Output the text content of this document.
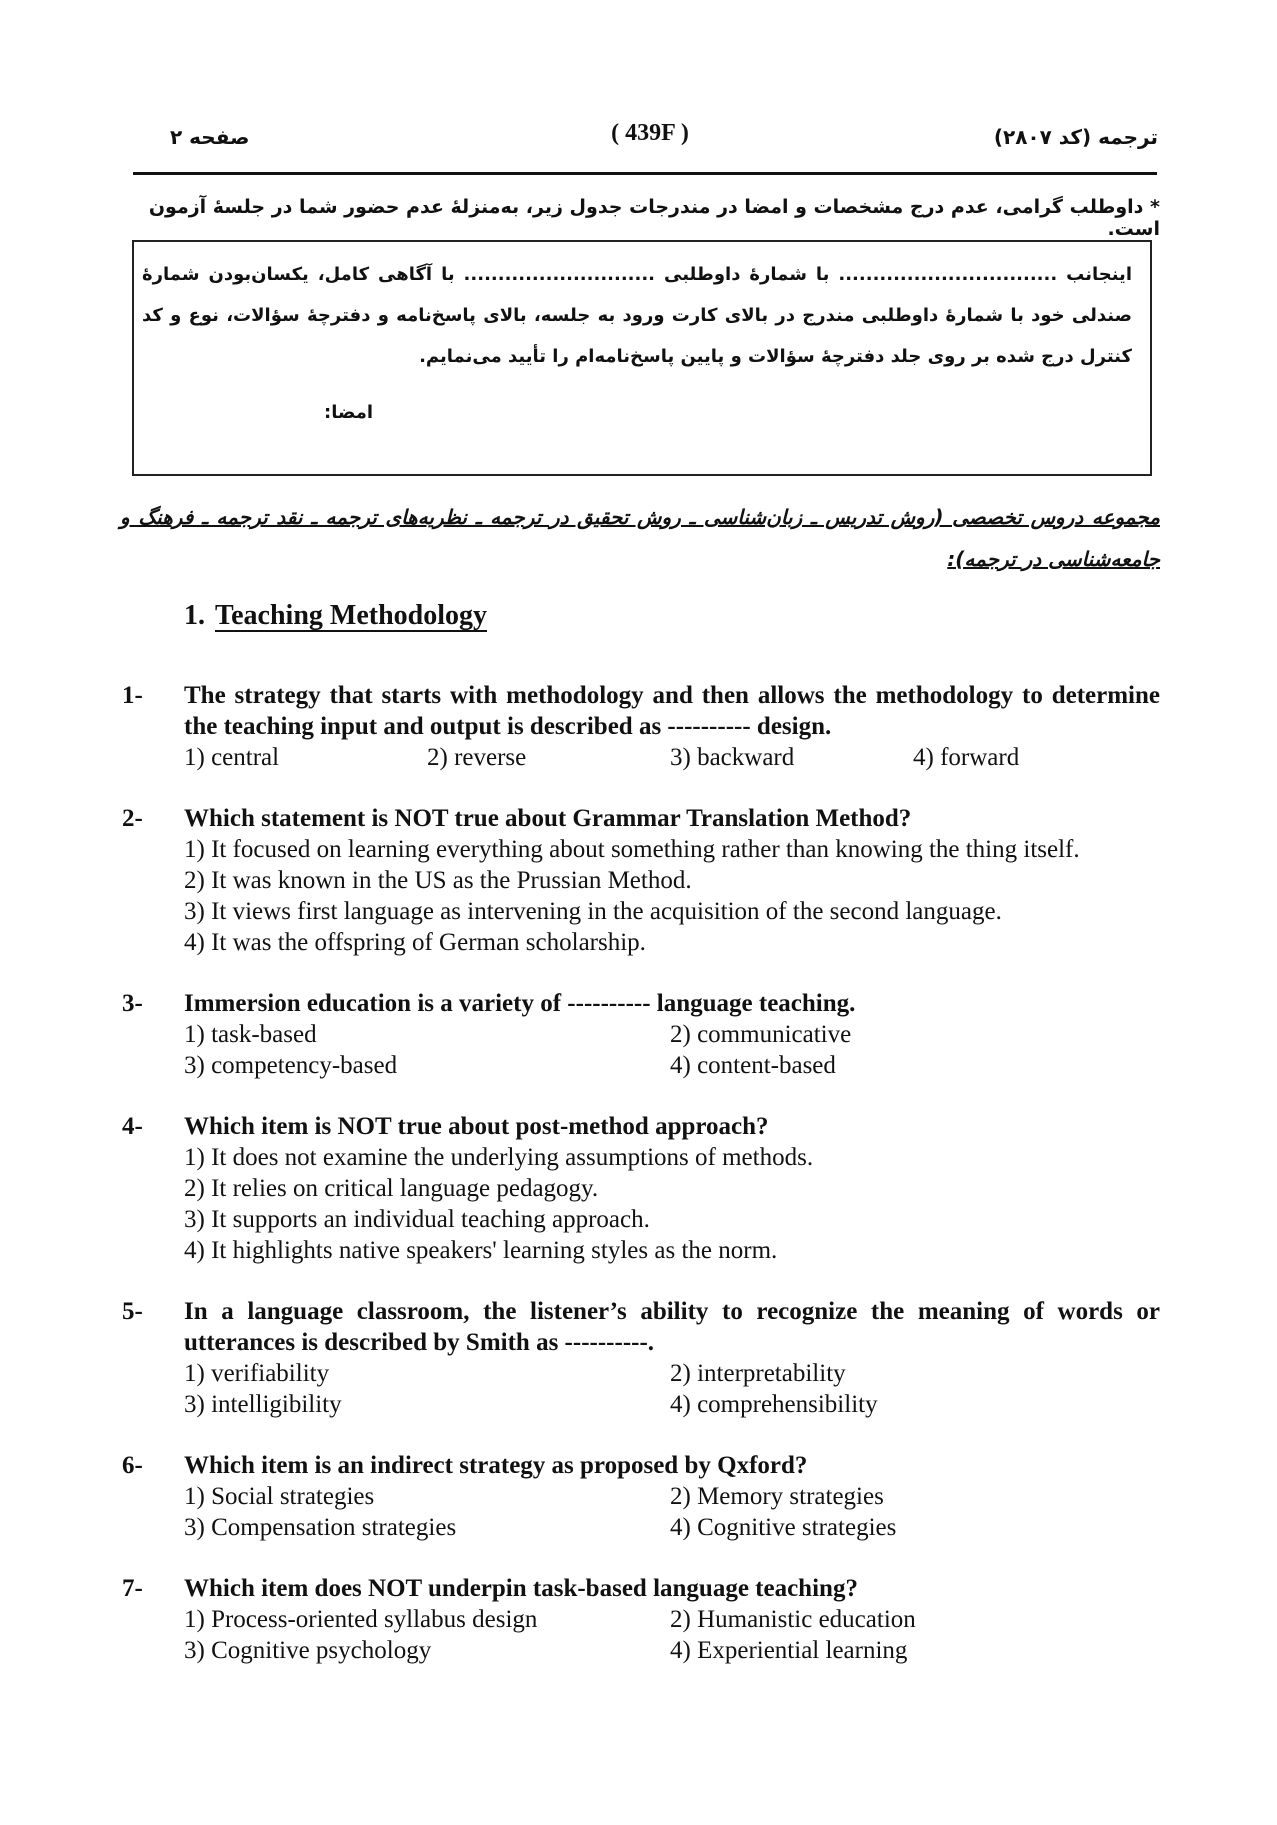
صفحه ۲	( 439F )	ترجمه (کد ۲۸۰۷)
* داوطلب گرامی، عدم درج مشخصات و امضا در مندرجات جدول زیر، به‌منزلهٔ عدم حضور شما در جلسهٔ آزمون است.
اینجانب ................................ با شمارهٔ داوطلبی ............................ با آگاهی کامل، یکسان‌بودن شمارهٔ صندلی خود با شمارهٔ داوطلبی مندرج در بالای کارت ورود به جلسه، بالای پاسخ‌نامه و دفترچهٔ سؤالات، نوع و کد کنترل درج شده بر روی جلد دفترچهٔ سؤالات و پایین پاسخ‌نامه‌ام را تأیید می‌نمایم.
امضا:
مجموعه دروس تخصصی (روش تدریس ـ زبان‌شناسی ـ روش تحقیق در ترجمه ـ نظریه‌های ترجمه ـ نقد ترجمه ـ فرهنگ و جامعه‌شناسی در ترجمه):
1. Teaching Methodology
1- The strategy that starts with methodology and then allows the methodology to determine the teaching input and output is described as ---------- design.
1) central	2) reverse	3) backward	4) forward
2- Which statement is NOT true about Grammar Translation Method?
1) It focused on learning everything about something rather than knowing the thing itself.
2) It was known in the US as the Prussian Method.
3) It views first language as intervening in the acquisition of the second language.
4) It was the offspring of German scholarship.
3- Immersion education is a variety of ---------- language teaching.
1) task-based	2) communicative
3) competency-based	4) content-based
4- Which item is NOT true about post-method approach?
1) It does not examine the underlying assumptions of methods.
2) It relies on critical language pedagogy.
3) It supports an individual teaching approach.
4) It highlights native speakers' learning styles as the norm.
5- In a language classroom, the listener’s ability to recognize the meaning of words or utterances is described by Smith as ----------.
1) verifiability	2) interpretability
3) intelligibility	4) comprehensibility
6- Which item is an indirect strategy as proposed by Qxford?
1) Social strategies	2) Memory strategies
3) Compensation strategies	4) Cognitive strategies
7- Which item does NOT underpin task-based language teaching?
1) Process-oriented syllabus design	2) Humanistic education
3) Cognitive psychology	4) Experiential learning
